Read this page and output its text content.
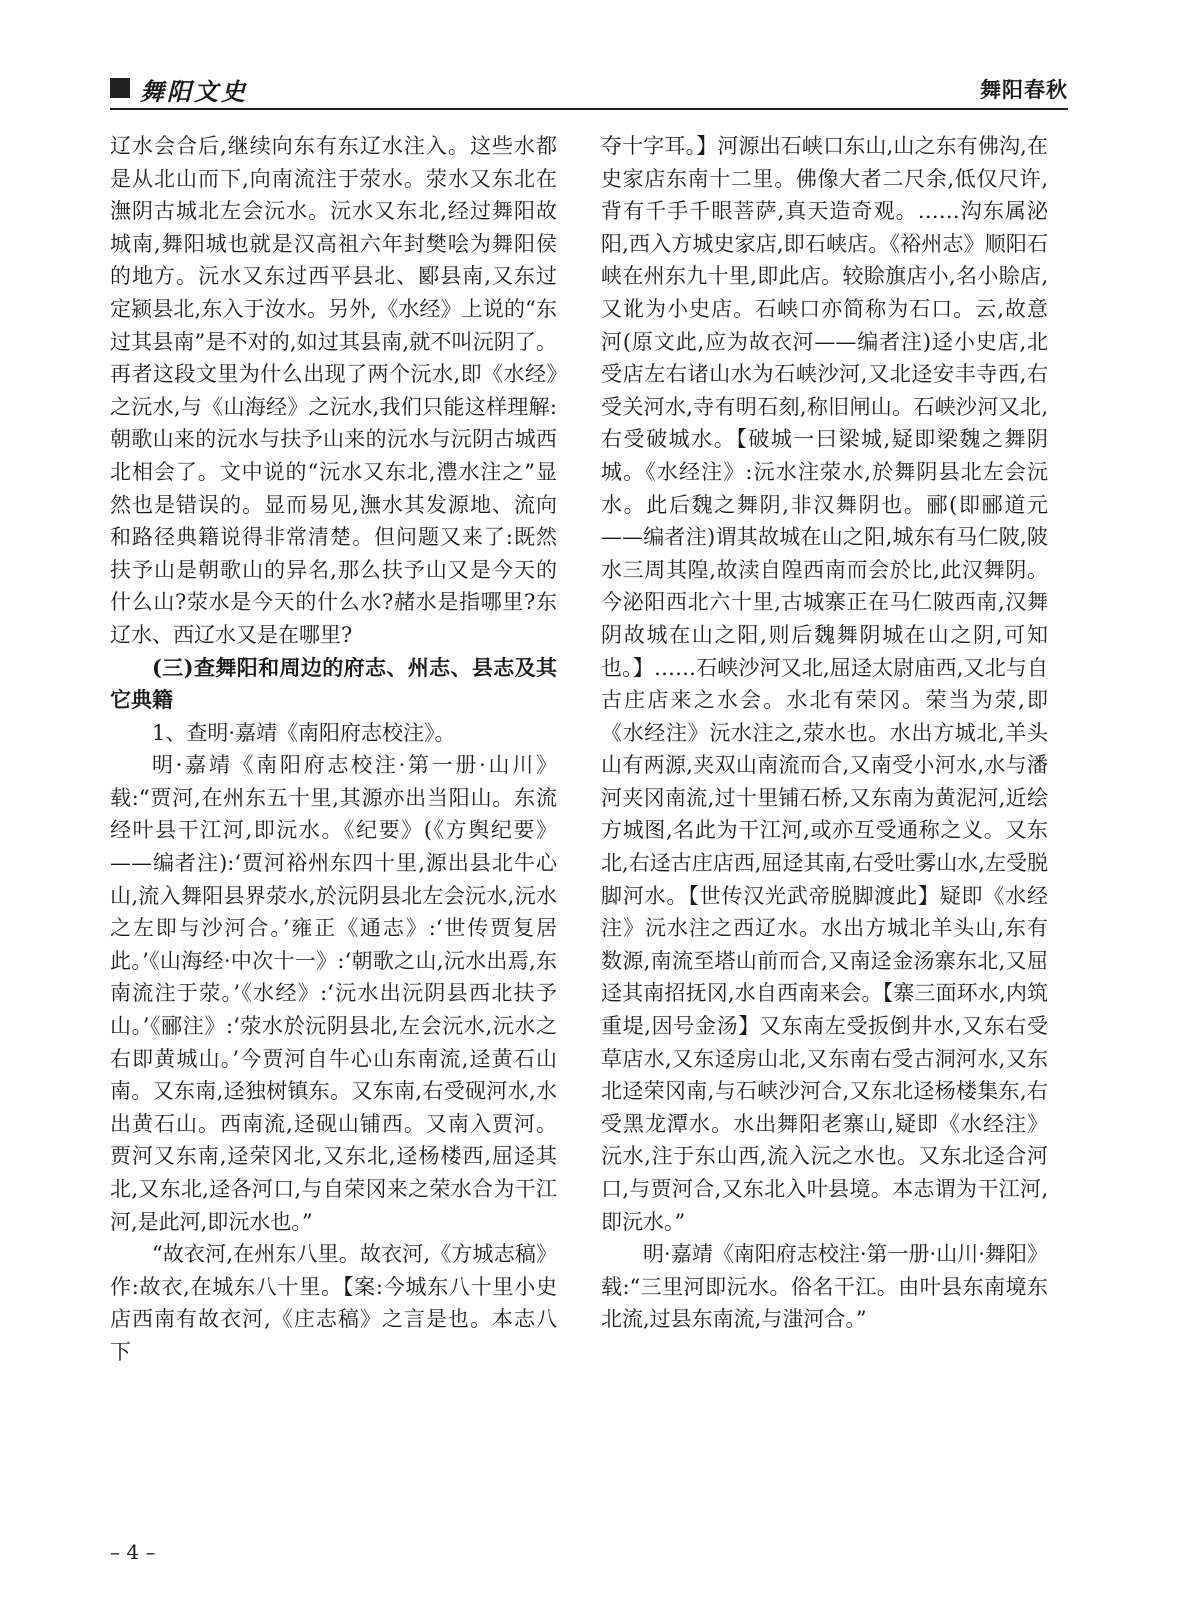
舞阳文史	舞阳春秋

辽水会合后,继续向东有东辽水注入。这些水都是从北山而下,向南流注于荥水。荥水又东北在潕阴古城北左会沅水。沅水又东北,经过舞阳故城南,舞阳城也就是汉高祖六年封樊哙为舞阳侯的地方。沅水又东过西平县北、郾县南,又东过定颍县北,东入于汝水。另外,《水经》上说的“东过其县南”是不对的,如过其县南,就不叫沅阴了。再者这段文里为什么出现了两个沅水,即《水经》之沅水,与《山海经》之沅水,我们只能这样理解:朝歌山来的沅水与扶予山来的沅水与沅阴古城西北相会了。文中说的“沅水又东北,澧水注之”显然也是错误的。显而易见,潕水其发源地、流向和路径典籍说得非常清楚。但问题又来了:既然扶予山是朝歌山的异名,那么扶予山又是今天的什么山?荥水是今天的什么水?赭水是指哪里?东辽水、西辽水又是在哪里?

(三)查舞阳和周边的府志、州志、县志及其它典籍

1、查明·嘉靖《南阳府志校注》。

明·嘉靖《南阳府志校注·第一册·山川》载:“贾河,在州东五十里,其源亦出当阳山。东流经叶县干江河,即沅水。《纪要》(《方舆纪要》——编者注):‘贾河裕州东四十里,源出县北牛心山,流入舞阳县界荥水,於沅阴县北左会沅水,沅水之左即与沙河合。’雍正《通志》:‘世传贾复居此。’《山海经·中次十一》:‘朝歌之山,沅水出焉,东南流注于荥。’《水经》:‘沅水出沅阴县西北扶予山。’《郦注》:‘荥水於沅阴县北,左会沅水,沅水之右即黄城山。’今贾河自牛心山东南流,迳黄石山南。又东南,迳独树镇东。又东南,右受砚河水,水出黄石山。西南流,迳砚山铺西。又南入贾河。贾河又东南,迳荣冈北,又东北,迳杨楼西,屈迳其北,又东北,迳各河口,与自荣冈来之荣水合为干江河,是此河,即沅水也。”

“故衣河,在州东八里。故衣河,《方城志稿》作:故衣,在城东八十里。【案:今城东八十里小史店西南有故衣河,《庄志稿》之言是也。本志八下

夺十字耳。】河源出石峡口东山,山之东有佛沟,在史家店东南十二里。佛像大者二尺余,低仅尺许,背有千手千眼菩萨,真天造奇观。……沟东属泌阳,西入方城史家店,即石峡店。《裕州志》顺阳石峡在州东九十里,即此店。较賒旗店小,名小賒店,又讹为小史店。石峡口亦简称为石口。云,故意河(原文此,应为故衣河——编者注)迳小史店,北受店左右诸山水为石峡沙河,又北迳安丰寺西,右受关河水,寺有明石刻,称旧闸山。石峡沙河又北,右受破城水。【破城一曰梁城,疑即梁魏之舞阴城。《水经注》:沅水注荥水,於舞阴县北左会沅水。此后魏之舞阴,非汉舞阴也。郦(即郦道元——编者注)谓其故城在山之阳,城东有马仁陂,陂水三周其隍,故渎自隍西南而会於比,此汉舞阴。今泌阳西北六十里,古城寨正在马仁陂西南,汉舞阴故城在山之阳,则后魏舞阴城在山之阴,可知也。】……石峡沙河又北,屈迳太尉庙西,又北与自古庄店来之水会。水北有荣冈。荣当为荥,即《水经注》沅水注之,荥水也。水出方城北,羊头山有两源,夹双山南流而合,又南受小河水,水与潘河夹冈南流,过十里铺石桥,又东南为黄泥河,近绘方城图,名此为干江河,或亦互受通称之义。又东北,右迳古庄店西,屈迳其南,右受吐雾山水,左受脱脚河水。【世传汉光武帝脱脚渡此】疑即《水经注》沅水注之西辽水。水出方城北羊头山,东有数源,南流至塔山前而合,又南迳金汤寨东北,又屈迳其南招抚冈,水自西南来会。【寨三面环水,内筑重堤,因号金汤】又东南左受扳倒井水,又东右受草店水,又东迳房山北,又东南右受古洞河水,又东北迳荣冈南,与石峡沙河合,又东北迳杨楼集东,右受黑龙潭水。水出舞阳老寨山,疑即《水经注》沅水,注于东山西,流入沅之水也。又东北迳合河口,与贾河合,又东北入叶县境。本志谓为干江河,即沅水。”

明·嘉靖《南阳府志校注·第一册·山川·舞阳》载:“三里河即沅水。俗名干江。由叶县东南境东北流,过县东南流,与滍河合。”

– 4 –
